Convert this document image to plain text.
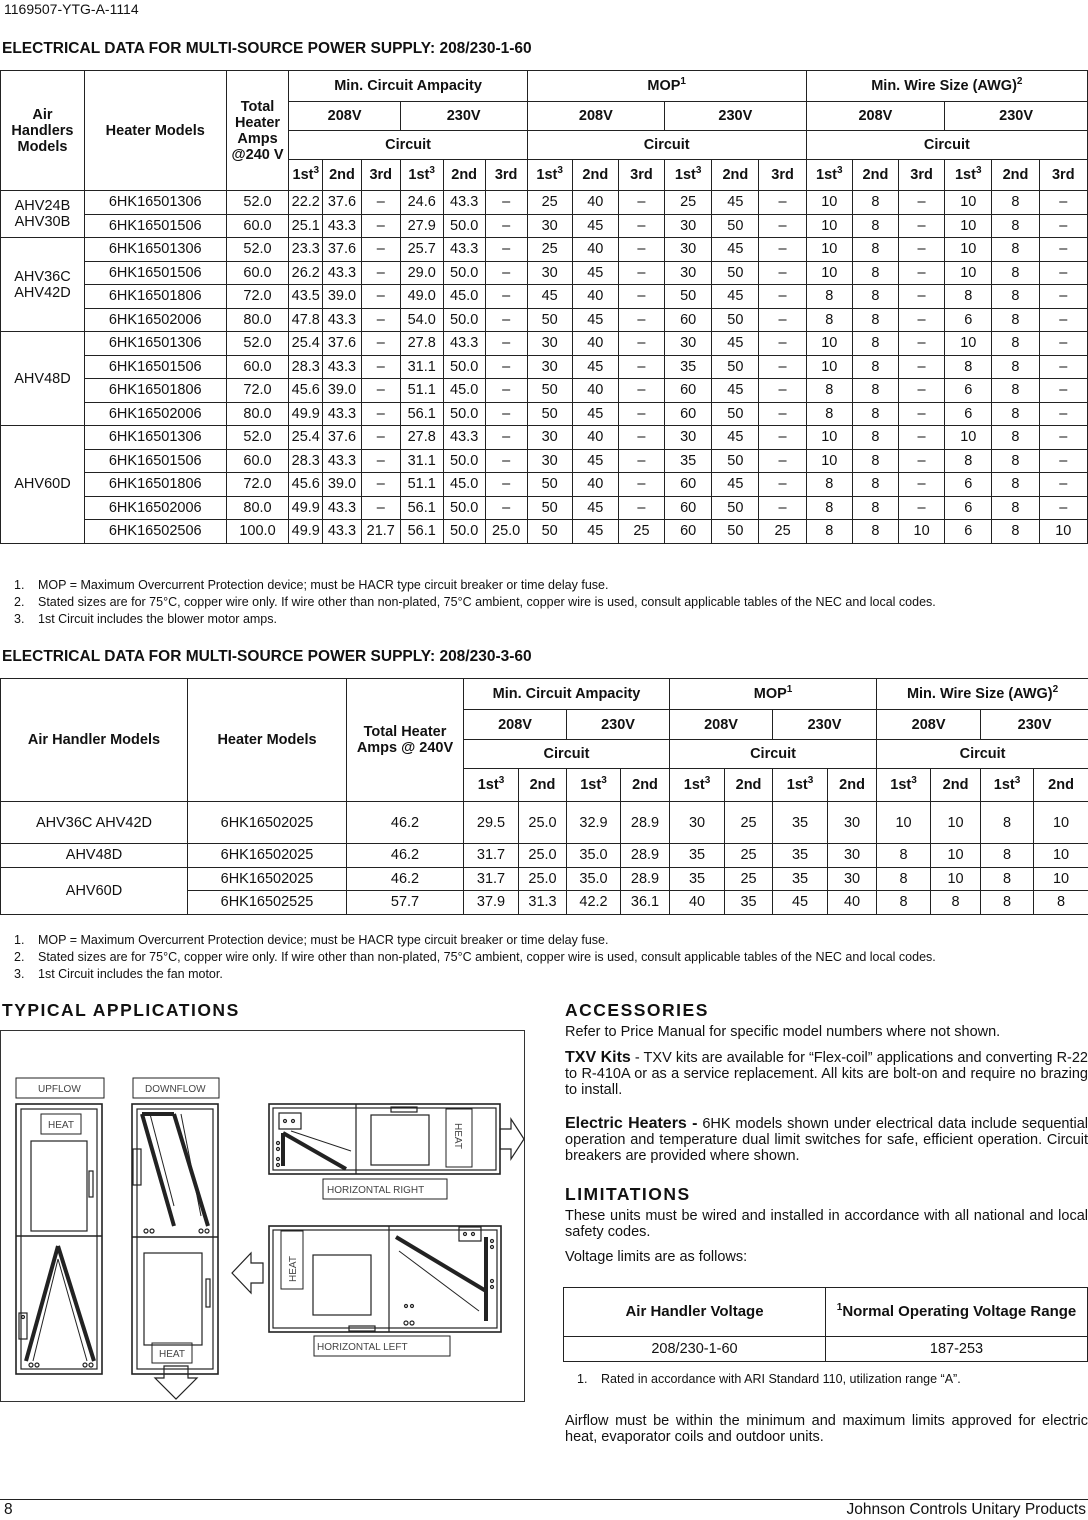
1169507-YTG-A-1114
ELECTRICAL DATA FOR MULTI-SOURCE POWER SUPPLY: 208/230-1-60
Air Handlers Models	Heater Models	Total Heater Amps @240 V	Min. Circuit Ampacity						MOP$^1$						Min. Wire Size (AWG)$^2$
			208V			230V			208V			230V			208V			230V		
			Circuit						Circuit						Circuit					
			$1st^3$	2nd	3rd	$1st^3$	2nd	3rd	$1st^3$	2nd	3rd	$1st^3$	2nd	3rd	$1st^3$	2nd	3rd	$1st^3$	2nd	3rd
AHV24B AHV30B	6HK16501306	52.0	22.2	37.6	–	24.6	43.3	–	25	40	–	25	45	–	10	8	–	10	8	–
	6HK16501506	60.0	25.1	43.3	–	27.9	50.0	–	30	45	–	30	50	–	10	8	–	10	8	–
AHV36C AHV42D	6HK16501306	52.0	23.3	37.6	–	25.7	43.3	–	25	40	–	30	45	–	10	8	–	10	8	–
	6HK16501506	60.0	26.2	43.3	–	29.0	50.0	–	30	45	–	30	50	–	10	8	–	10	8	–
	6HK16501806	72.0	43.5	39.0	–	49.0	45.0	–	45	40	–	50	45	–	8	8	–	8	8	–
	6HK16502006	80.0	47.8	43.3	–	54.0	50.0	–	50	45	–	60	50	–	8	8	–	6	8	–
AHV48D	6HK16501306	52.0	25.4	37.6	–	27.8	43.3	–	30	40	–	30	45	–	10	8	–	10	8	–
	6HK16501506	60.0	28.3	43.3	–	31.1	50.0	–	30	45	–	35	50	–	10	8	–	8	8	–
	6HK16501806	72.0	45.6	39.0	–	51.1	45.0	–	50	40	–	60	45	–	8	8	–	6	8	–
	6HK16502006	80.0	49.9	43.3	–	56.1	50.0	–	50	45	–	60	50	–	8	8	–	6	8	–
AHV60D	6HK16501306	52.0	25.4	37.6	–	27.8	43.3	–	30	40	–	30	45	–	10	8	–	10	8	–
	6HK16501506	60.0	28.3	43.3	–	31.1	50.0	–	30	45	–	35	50	–	10	8	–	8	8	–
	6HK16501806	72.0	45.6	39.0	–	51.1	45.0	–	50	40	–	60	45	–	8	8	–	6	8	–
	6HK16502006	80.0	49.9	43.3	–	56.1	50.0	–	50	45	–	60	50	–	8	8	–	6	8	–
	6HK16502506	100.0	49.9	43.3	21.7	56.1	50.0	25.0	50	45	25	60	50	25	8	8	10	6	8	10
1. MOP = Maximum Overcurrent Protection device; must be HACR type circuit breaker or time delay fuse.
2. Stated sizes are for 75°C, copper wire only. If wire other than non-plated, 75°C ambient, copper wire is used, consult applicable tables of the NEC and local codes.
3. 1st Circuit includes the blower motor amps.
ELECTRICAL DATA FOR MULTI-SOURCE POWER SUPPLY: 208/230-3-60
Air Handler Models	Heater Models	Total Heater Amps @ 240V	Min. Circuit Ampacity				MOP$^1$				Min. Wire Size (AWG)$^2$
			208V		230V		208V		230V		208V		230V	
			Circuit				Circuit				Circuit			
			$1st^3$	2nd	$1st^3$	2nd	$1st^3$	2nd	$1st^3$	2nd	$1st^3$	2nd	$1st^3$	2nd
AHV36C AHV42D	6HK16502025	46.2	29.5	25.0	32.9	28.9	30	25	35	30	10	10	8	10
AHV48D	6HK16502025	46.2	31.7	25.0	35.0	28.9	35	25	35	30	8	10	8	10
AHV60D	6HK16502025	46.2	31.7	25.0	35.0	28.9	35	25	35	30	8	10	8	10
	6HK16502525	57.7	37.9	31.3	42.2	36.1	40	35	45	40	8	8	8	8
1. MOP = Maximum Overcurrent Protection device; must be HACR type circuit breaker or time delay fuse.
2. Stated sizes are for 75°C, copper wire only. If wire other than non-plated, 75°C ambient, copper wire is used, consult applicable tables of the NEC and local codes.
3. 1st Circuit includes the fan motor.
TYPICAL APPLICATIONS
UPFLOW	DOWNFLOW
HEAT
HEAT
HORIZONTAL RIGHT
HORIZONTAL LEFT
HEAT
HEAT
ACCESSORIES
Refer to Price Manual for specific model numbers where not shown.
TXV Kits - TXV kits are available for “Flex-coil” applications and converting R-22 to R-410A or as a service replacement. All kits are bolt-on and require no brazing to install.
Electric Heaters - 6HK models shown under electrical data include sequential operation and temperature dual limit switches for safe, efficient operation. Circuit breakers are provided where shown.
LIMITATIONS
These units must be wired and installed in accordance with all national and local safety codes.
Voltage limits are as follows:
Air Handler Voltage	$^1$Normal Operating Voltage Range
208/230-1-60	187-253
1. Rated in accordance with ARI Standard 110, utilization range “A”.
Airflow must be within the minimum and maximum limits approved for electric heat, evaporator coils and outdoor units.
8	Johnson Controls Unitary Products
